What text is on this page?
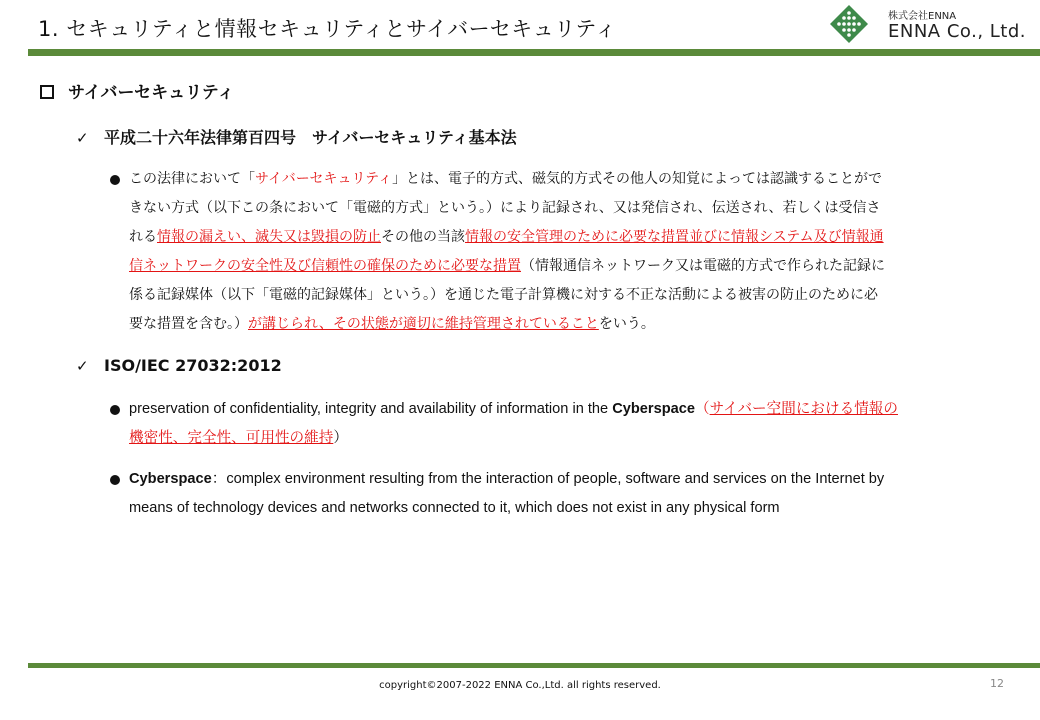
1. セキュリティと情報セキュリティとサイバーセキュリティ
株式会社ENNA
ENNA Co., Ltd.
サイバーセキュリティ
✓ 平成二十六年法律第百四号　サイバーセキュリティ基本法
この法律において「サイバーセキュリティ」とは、電子的方式、磁気的方式その他人の知覚によっては認識することがで
きない方式（以下この条において「電磁的方式」という。）により記録され、又は発信され、伝送され、若しくは受信さ
れる情報の漏えい、滅失又は毀損の防止その他の当該情報の安全管理のために必要な措置並びに情報システム及び情報通
信ネットワークの安全性及び信頼性の確保のために必要な措置（情報通信ネットワーク又は電磁的方式で作られた記録に
係る記録媒体（以下「電磁的記録媒体」という。）を通じた電子計算機に対する不正な活動による被害の防止のために必
要な措置を含む。）が講じられ、その状態が適切に維持管理されていることをいう。
✓ ISO/IEC 27032:2012
preservation of confidentiality, integrity and availability of information in the Cyberspace（サイバー空間における情報の
機密性、完全性、可用性の維持）
Cyberspace：complex environment resulting from the interaction of people, software and services on the Internet by
means of technology devices and networks connected to it, which does not exist in any physical form
copyright©2007-2022 ENNA Co.,Ltd. all rights reserved.	12
